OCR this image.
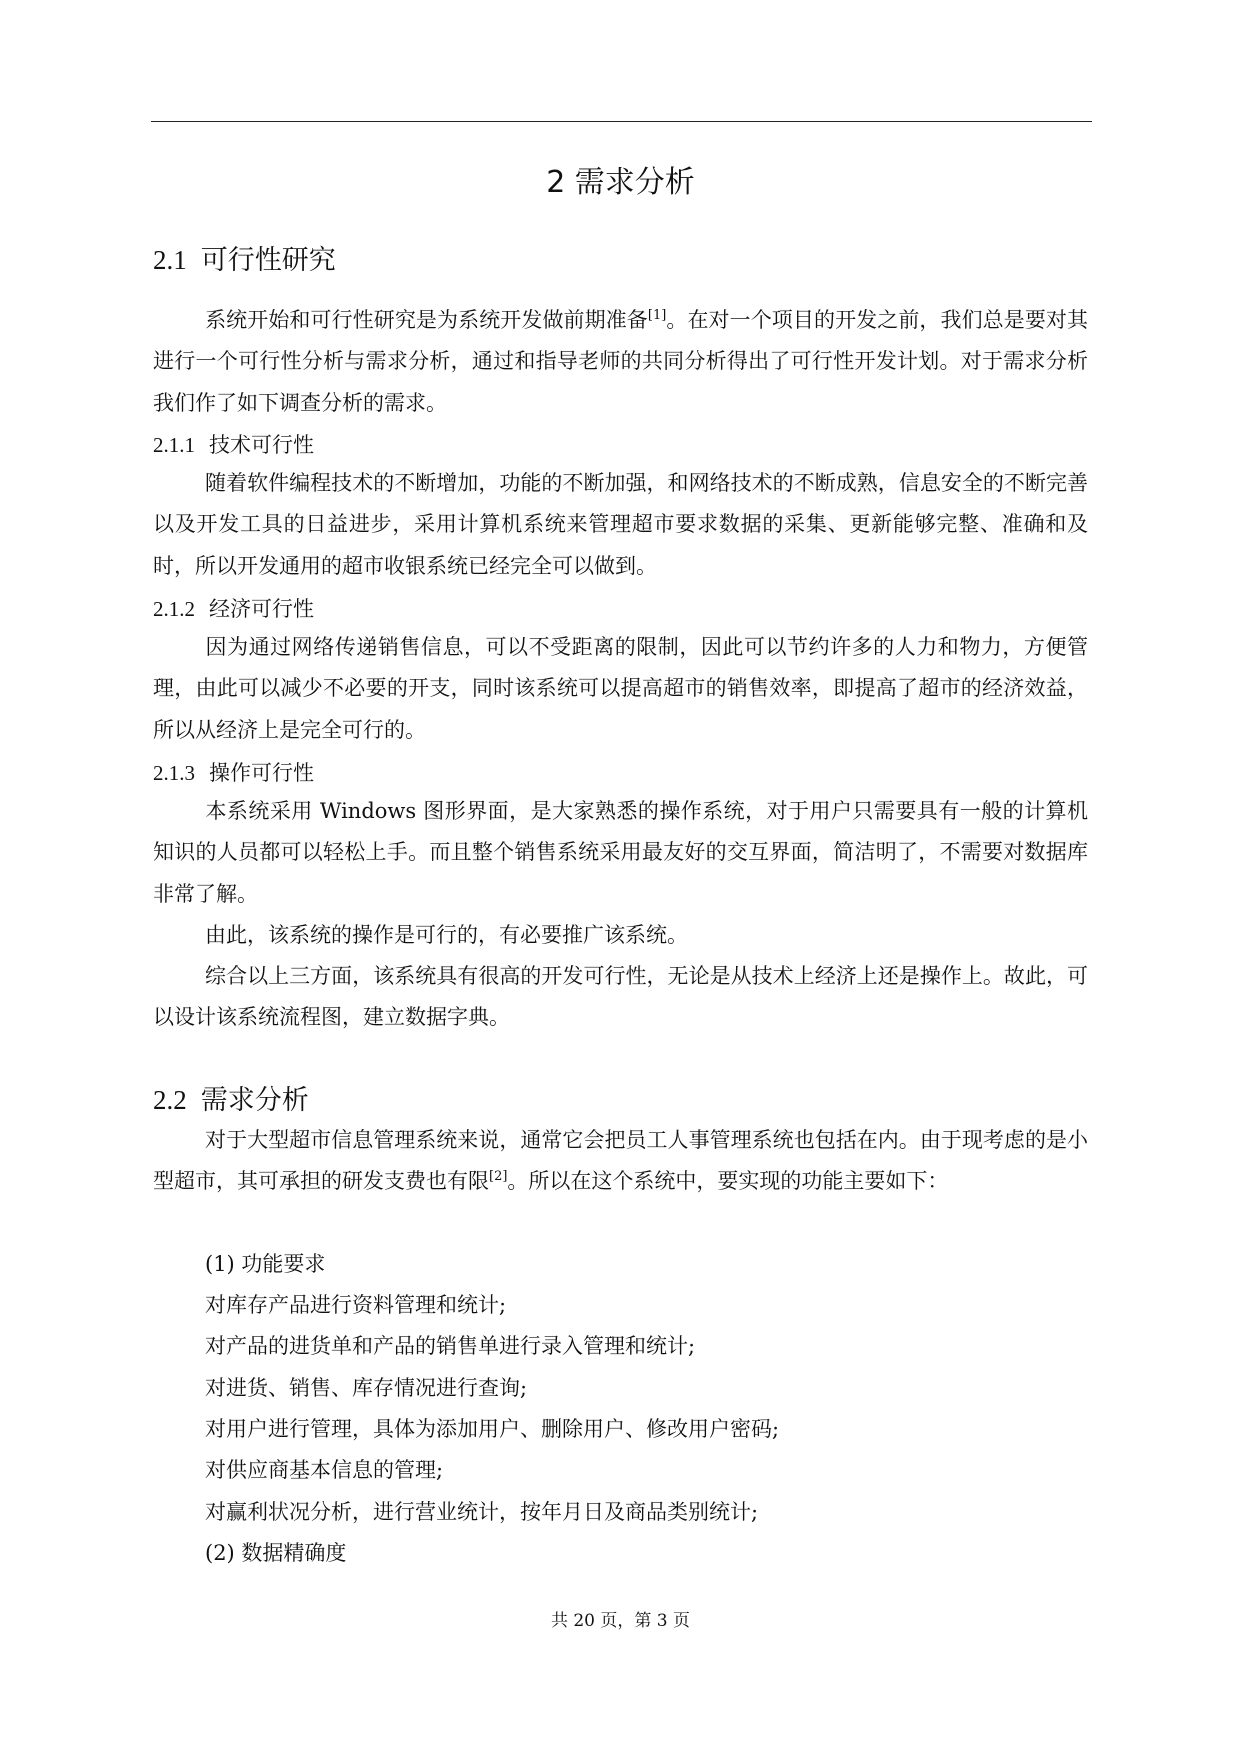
2 需求分析
2.1 可行性研究
系统开始和可行性研究是为系统开发做前期准备[1]。在对一个项目的开发之前，我们总是要对其进行一个可行性分析与需求分析，通过和指导老师的共同分析得出了可行性开发计划。对于需求分析我们作了如下调查分析的需求。
2.1.1 技术可行性
随着软件编程技术的不断增加，功能的不断加强，和网络技术的不断成熟，信息安全的不断完善以及开发工具的日益进步，采用计算机系统来管理超市要求数据的采集、更新能够完整、准确和及时，所以开发通用的超市收银系统已经完全可以做到。
2.1.2 经济可行性
因为通过网络传递销售信息，可以不受距离的限制，因此可以节约许多的人力和物力，方便管理，由此可以减少不必要的开支，同时该系统可以提高超市的销售效率，即提高了超市的经济效益，所以从经济上是完全可行的。
2.1.3 操作可行性
本系统采用 Windows 图形界面，是大家熟悉的操作系统，对于用户只需要具有一般的计算机知识的人员都可以轻松上手。而且整个销售系统采用最友好的交互界面，简洁明了，不需要对数据库非常了解。
由此，该系统的操作是可行的，有必要推广该系统。
综合以上三方面，该系统具有很高的开发可行性，无论是从技术上经济上还是操作上。故此，可以设计该系统流程图，建立数据字典。
2.2 需求分析
对于大型超市信息管理系统来说，通常它会把员工人事管理系统也包括在内。由于现考虑的是小型超市，其可承担的研发支费也有限[2]。所以在这个系统中，要实现的功能主要如下：
(1) 功能要求
对库存产品进行资料管理和统计;
对产品的进货单和产品的销售单进行录入管理和统计;
对进货、销售、库存情况进行查询;
对用户进行管理，具体为添加用户、删除用户、修改用户密码;
对供应商基本信息的管理;
对赢利状况分析，进行营业统计，按年月日及商品类别统计;
(2) 数据精确度
共 20 页，第 3 页
